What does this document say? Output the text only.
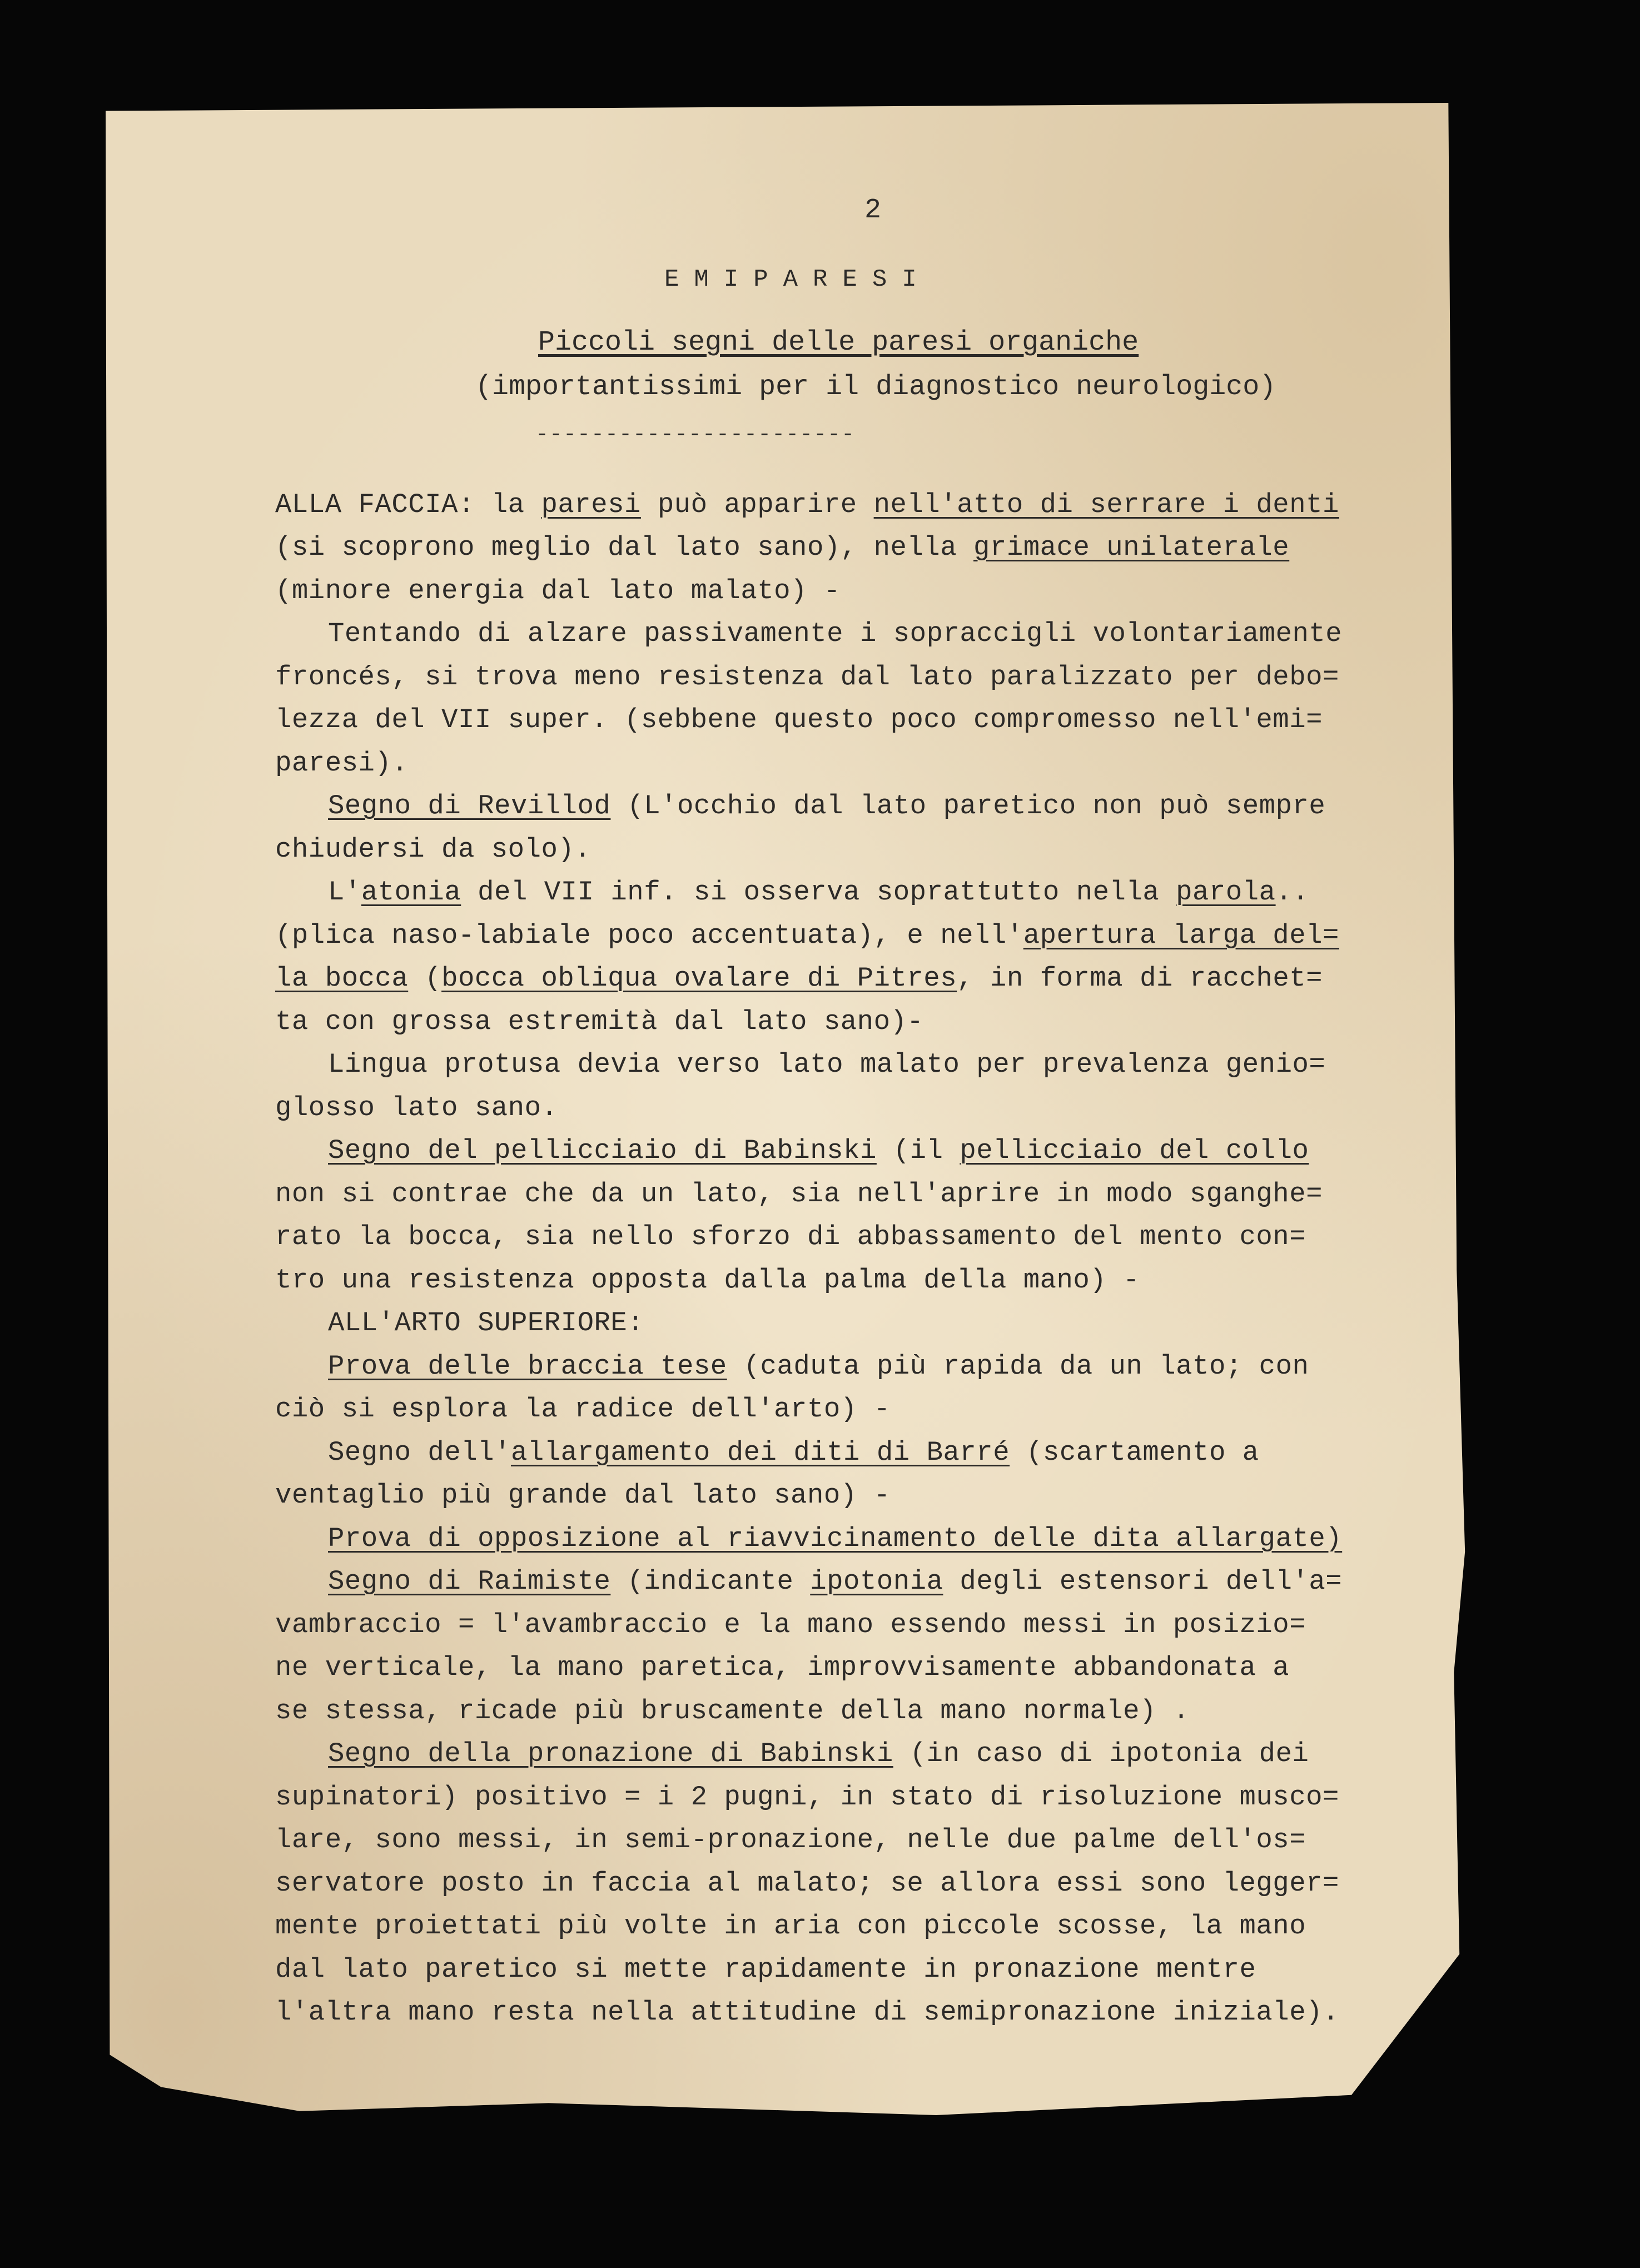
2
EMIPARESI
Piccoli segni delle paresi organiche
(importantissimi per il diagnostico neurologico)
-----------------------
ALLA FACCIA: la paresi può apparire nell'atto di serrare i denti
(si scoprono meglio dal lato sano), nella grimace unilaterale
(minore energia dal lato malato) -
Tentando di alzare passivamente i sopraccigli volontariamente
froncés, si trova meno resistenza dal lato paralizzato per debo=
lezza del VII super. (sebbene questo poco compromesso nell'emi=
paresi).
Segno di Revillod (L'occhio dal lato paretico non può sempre
chiudersi da solo).
L'atonia del VII inf. si osserva soprattutto nella parola..
(plica naso-labiale poco accentuata), e nell'apertura larga del=
la bocca (bocca obliqua ovalare di Pitres, in forma di racchet=
ta con grossa estremità dal lato sano)-
Lingua protusa devia verso lato malato per prevalenza genio=
glosso lato sano.
Segno del pellicciaio di Babinski (il pellicciaio del collo
non si contrae che da un lato, sia nell'aprire in modo sganghe=
rato la bocca, sia nello sforzo di abbassamento del mento con=
tro una resistenza opposta dalla palma della mano) -
ALL'ARTO SUPERIORE:
Prova delle braccia tese (caduta più rapida da un lato; con
ciò si esplora la radice dell'arto) -
Segno dell'allargamento dei diti di Barré (scartamento a
ventaglio più grande dal lato sano) -
Prova di opposizione al riavvicinamento delle dita allargate)
Segno di Raimiste (indicante ipotonia degli estensori dell'a=
vambraccio = l'avambraccio e la mano essendo messi in posizio=
ne verticale, la mano paretica, improvvisamente abbandonata a
se stessa, ricade più bruscamente della mano normale) .
Segno della pronazione di Babinski (in caso di ipotonia dei
supinatori) positivo = i 2 pugni, in stato di risoluzione musco=
lare, sono messi, in semi-pronazione, nelle due palme dell'os=
servatore posto in faccia al malato; se allora essi sono legger=
mente proiettati più volte in aria con piccole scosse, la mano
dal lato paretico si mette rapidamente in pronazione mentre
l'altra mano resta nella attitudine di semipronazione iniziale).
